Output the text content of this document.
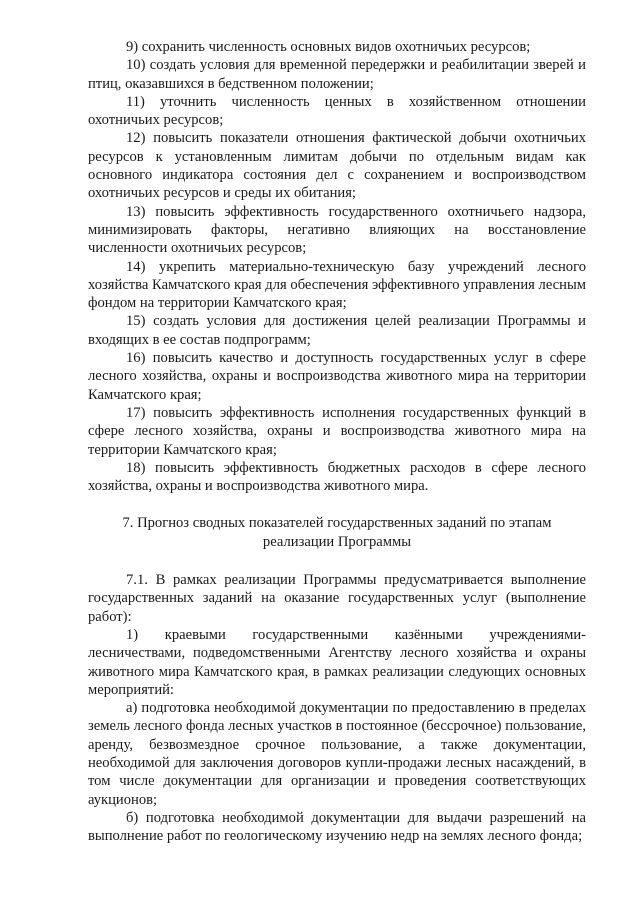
9) сохранить численность основных видов охотничьих ресурсов;

10) создать условия для временной передержки и реабилитации зверей и птиц, оказавшихся в бедственном положении;

11) уточнить численность ценных в хозяйственном отношении охотничьих ресурсов;

12) повысить показатели отношения фактической добычи охотничьих ресурсов к установленным лимитам добычи по отдельным видам как основного индикатора состояния дел с сохранением и воспроизводством охотничьих ресурсов и среды их обитания;

13) повысить эффективность государственного охотничьего надзора, минимизировать факторы, негативно влияющих на восстановление численности охотничьих ресурсов;

14) укрепить материально-техническую базу учреждений лесного хозяйства Камчатского края для обеспечения эффективного управления лесным фондом на территории Камчатского края;

15) создать условия для достижения целей реализации Программы и входящих в ее состав подпрограмм;

16) повысить качество и доступность государственных услуг в сфере лесного хозяйства, охраны и воспроизводства животного мира на территории Камчатского края;

17) повысить эффективность исполнения государственных функций в сфере лесного хозяйства, охраны и воспроизводства животного мира на территории Камчатского края;

18) повысить эффективность бюджетных расходов в сфере лесного хозяйства, охраны и воспроизводства животного мира.

7. Прогноз сводных показателей государственных заданий по этапам
реализации Программы

7.1. В рамках реализации Программы предусматривается выполнение государственных заданий на оказание государственных услуг (выполнение работ):

1) краевыми государственными казёнными учреждениями-лесничествами, подведомственными Агентству лесного хозяйства и охраны животного мира Камчатского края, в рамках реализации следующих основных мероприятий:

а) подготовка необходимой документации по предоставлению в пределах земель лесного фонда лесных участков в постоянное (бессрочное) пользование, аренду, безвозмездное срочное пользование, а также документации, необходимой для заключения договоров купли-продажи лесных насаждений, в том числе документации для организации и проведения соответствующих аукционов;

б) подготовка необходимой документации для выдачи разрешений на выполнение работ по геологическому изучению недр на землях лесного фонда;
